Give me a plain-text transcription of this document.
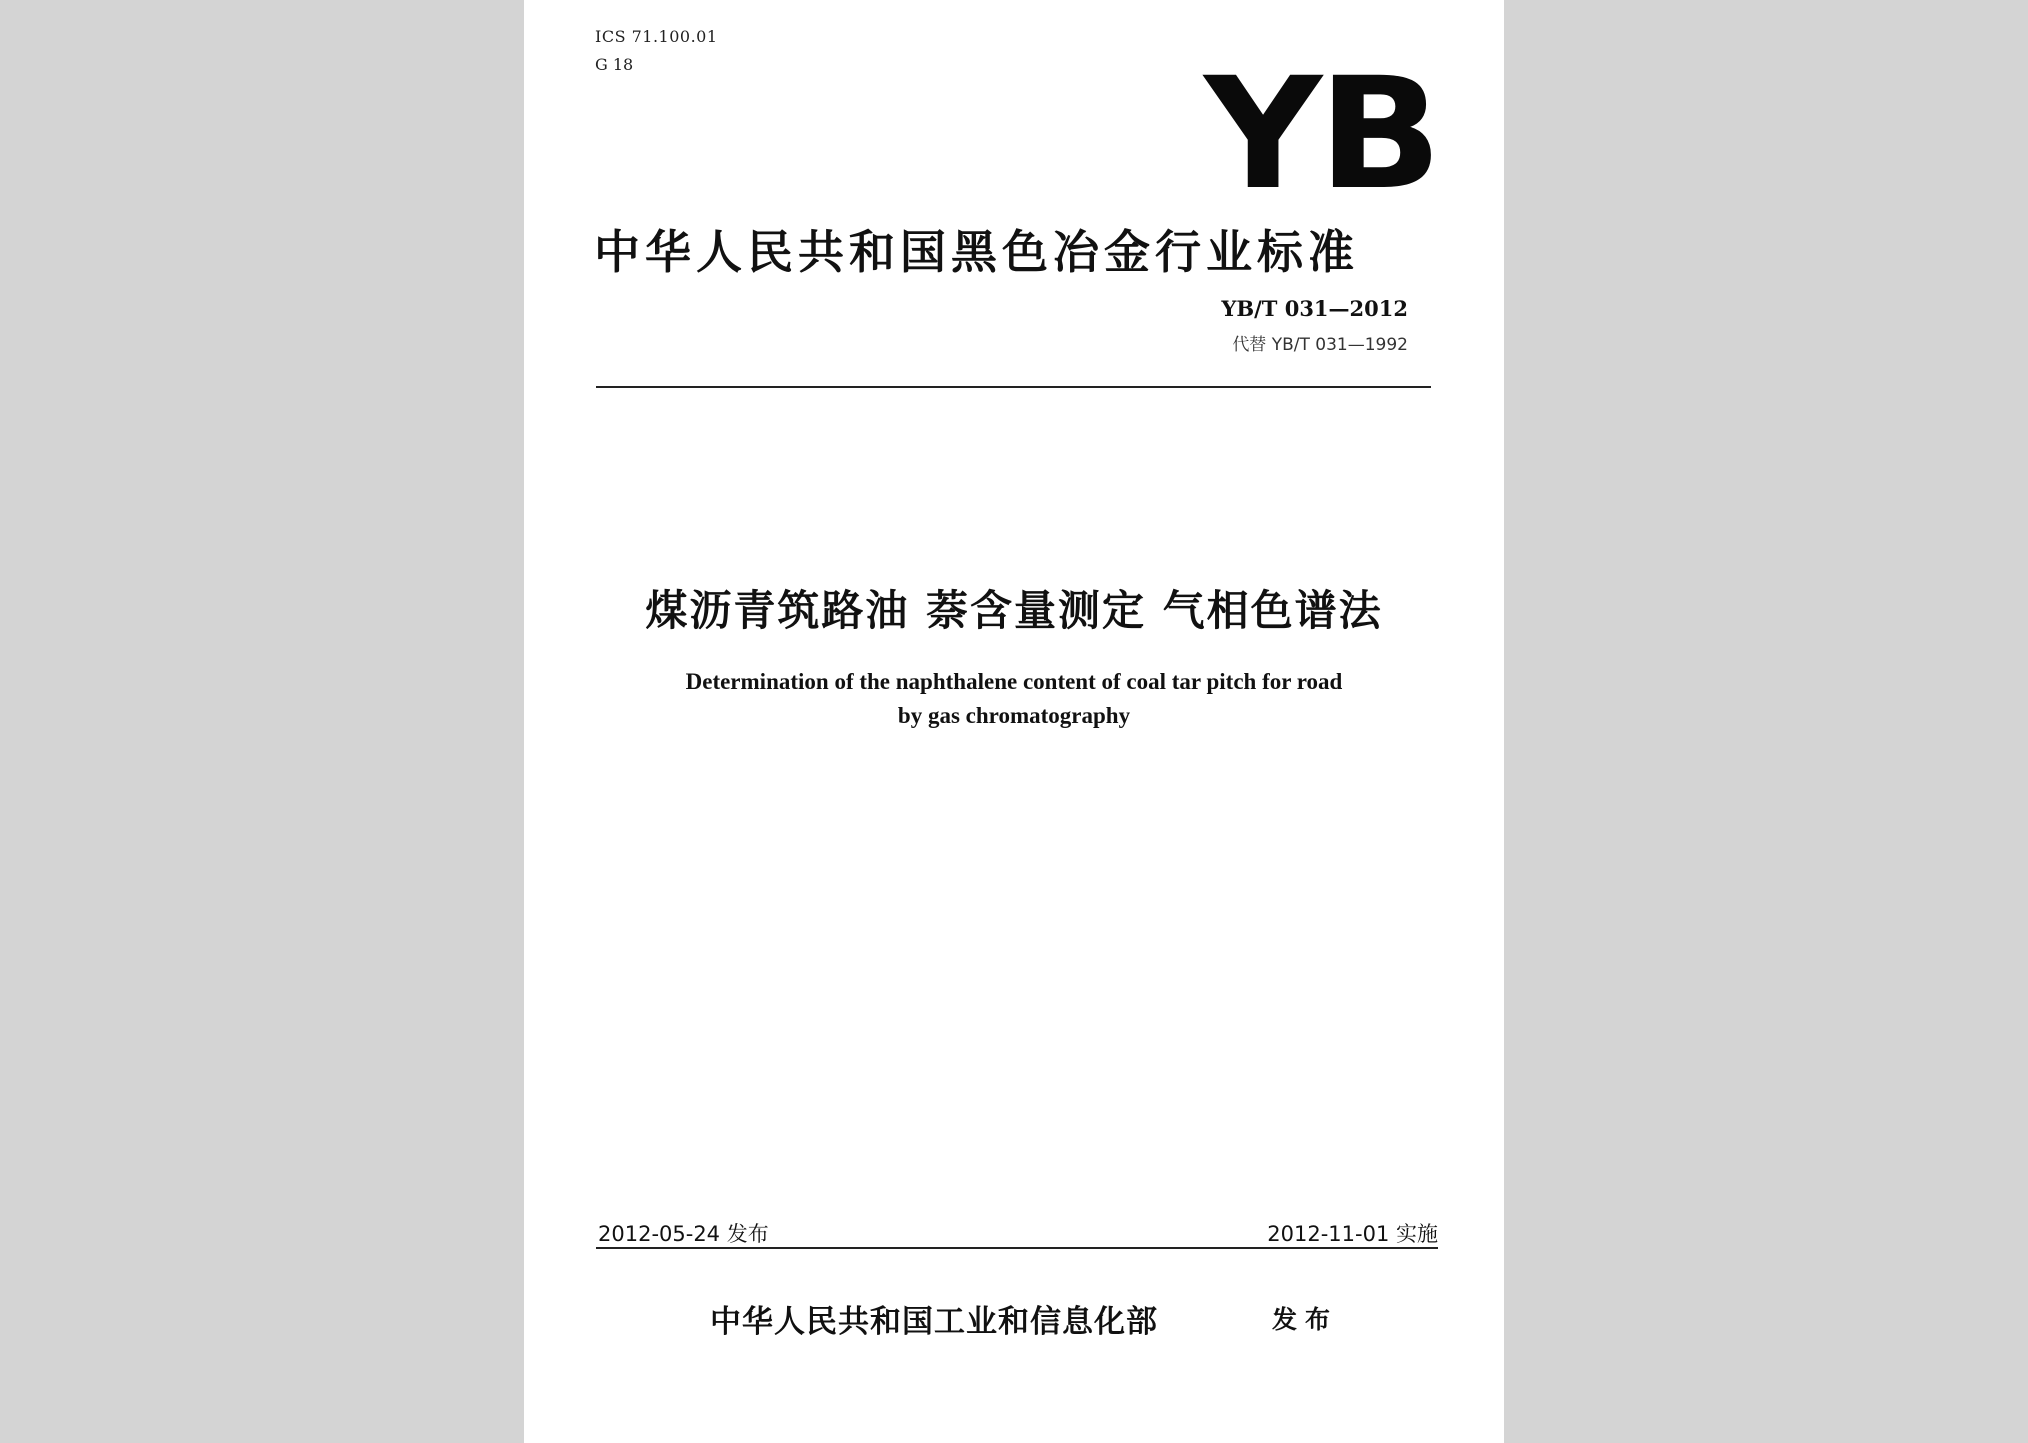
ICS 71.100.01
G 18	YB
中华人民共和国黑色冶金行业标准
YB/T 031—2012
代替 YB/T 031—1992
煤沥青筑路油 萘含量测定 气相色谱法
Determination of the naphthalene content of coal tar pitch for road
by gas chromatography
2012-05-24 发布	2012-11-01 实施
中华人民共和国工业和信息化部	发布
